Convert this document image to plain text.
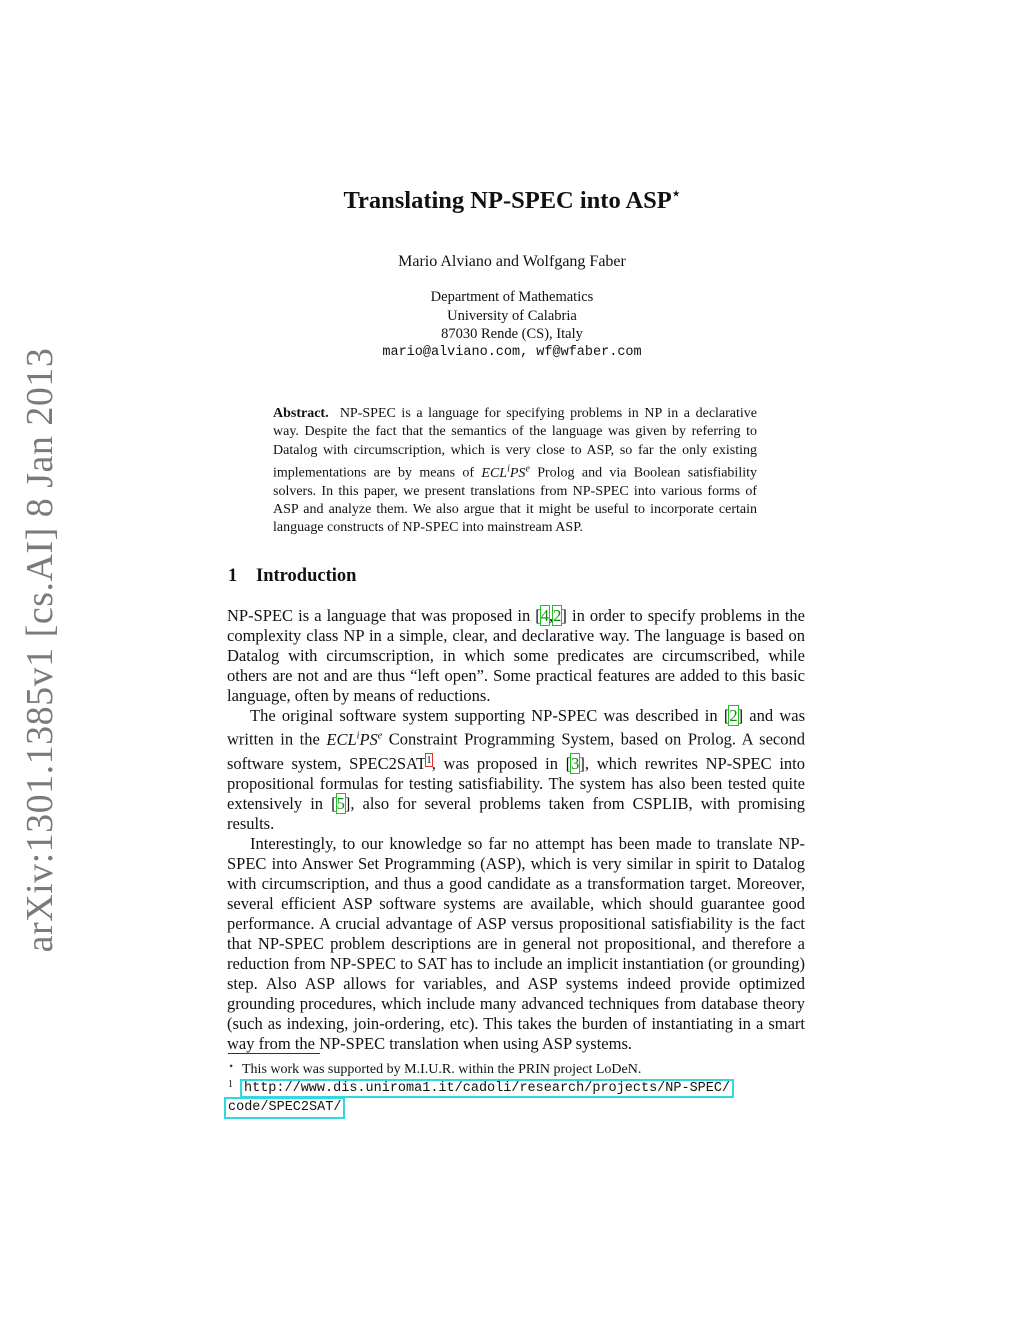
arXiv:1301.1385v1 [cs.AI] 8 Jan 2013
Translating NP-SPEC into ASP⋆
Mario Alviano and Wolfgang Faber
Department of Mathematics
University of Calabria
87030 Rende (CS), Italy
mario@alviano.com, wf@wfaber.com
Abstract. NP-SPEC is a language for specifying problems in NP in a declarative way. Despite the fact that the semantics of the language was given by referring to Datalog with circumscription, which is very close to ASP, so far the only existing implementations are by means of $ECL^iPS^e$ Prolog and via Boolean satisfiability solvers. In this paper, we present translations from NP-SPEC into various forms of ASP and analyze them. We also argue that it might be useful to incorporate certain language constructs of NP-SPEC into mainstream ASP.
1 Introduction

NP-SPEC is a language that was proposed in [4,2] in order to specify problems in the complexity class NP in a simple, clear, and declarative way. The language is based on Datalog with circumscription, in which some predicates are circumscribed, while others are not and are thus “left open”. Some practical features are added to this basic language, often by means of reductions.

The original software system supporting NP-SPEC was described in [2] and was written in the $ECL^iPS^e$ Constraint Programming System, based on Prolog. A second software system, SPEC2SAT$^1$, was proposed in [3], which rewrites NP-SPEC into propositional formulas for testing satisfiability. The system has also been tested quite extensively in [5], also for several problems taken from CSPLIB, with promising results.

Interestingly, to our knowledge so far no attempt has been made to translate NP-SPEC into Answer Set Programming (ASP), which is very similar in spirit to Datalog with circumscription, and thus a good candidate as a transformation target. Moreover, several efficient ASP software systems are available, which should guarantee good performance. A crucial advantage of ASP versus propositional satisfiability is the fact that NP-SPEC problem descriptions are in general not propositional, and therefore a reduction from NP-SPEC to SAT has to include an implicit instantiation (or grounding) step. Also ASP allows for variables, and ASP systems indeed provide optimized grounding procedures, which include many advanced techniques from database theory (such as indexing, join-ordering, etc). This takes the burden of instantiating in a smart way from the NP-SPEC translation when using ASP systems.

⋆ This work was supported by M.I.U.R. within the PRIN project LoDeN.
1 http://www.dis.uniroma1.it/cadoli/research/projects/NP-SPEC/
code/SPEC2SAT/
